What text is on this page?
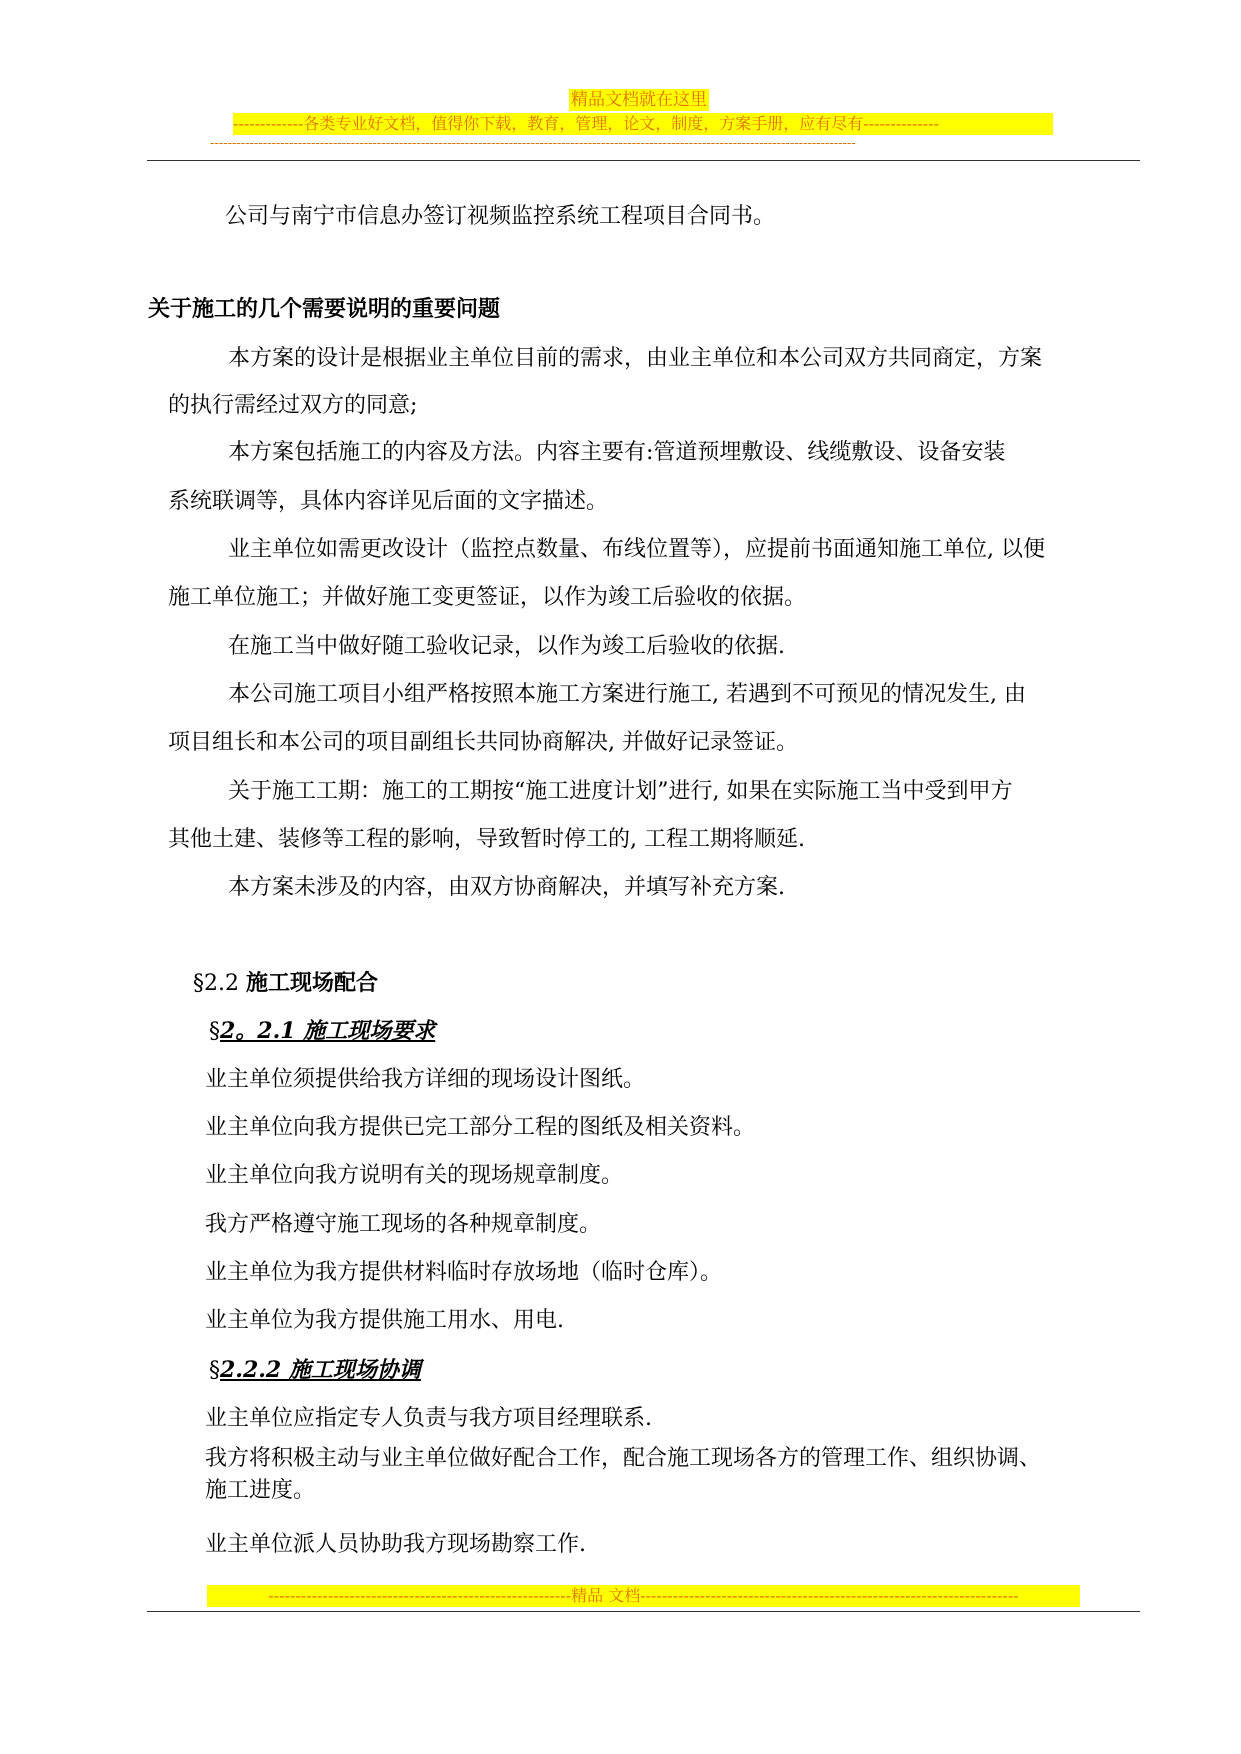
精品文档就在这里
-------------各类专业好文档，值得你下载，教育，管理，论文，制度，方案手册，应有尽有--------------
---------------------------------------------------------------------------------------------------------------------------------------------------
公司与南宁市信息办签订视频监控系统工程项目合同书。
关于施工的几个需要说明的重要问题
本方案的设计是根据业主单位目前的需求，由业主单位和本公司双方共同商定，方案
的执行需经过双方的同意;
本方案包括施工的内容及方法。内容主要有:管道预埋敷设、线缆敷设、设备安装
系统联调等，具体内容详见后面的文字描述。
业主单位如需更改设计（监控点数量、布线位置等），应提前书面通知施工单位, 以便
施工单位施工；并做好施工变更签证，以作为竣工后验收的依据。
在施工当中做好随工验收记录，以作为竣工后验收的依据.
本公司施工项目小组严格按照本施工方案进行施工, 若遇到不可预见的情况发生, 由
项目组长和本公司的项目副组长共同协商解决, 并做好记录签证。
关于施工工期：施工的工期按“施工进度计划”进行, 如果在实际施工当中受到甲方
其他土建、装修等工程的影响，导致暂时停工的, 工程工期将顺延.
本方案未涉及的内容，由双方协商解决，并填写补充方案.
§2.2 施工现场配合
§2。2.1 施工现场要求
业主单位须提供给我方详细的现场设计图纸。
业主单位向我方提供已完工部分工程的图纸及相关资料。
业主单位向我方说明有关的现场规章制度。
我方严格遵守施工现场的各种规章制度。
业主单位为我方提供材料临时存放场地（临时仓库）。
业主单位为我方提供施工用水、用电.
§2.2.2 施工现场协调
业主单位应指定专人负责与我方项目经理联系.
我方将积极主动与业主单位做好配合工作，配合施工现场各方的管理工作、组织协调、
施工进度。
业主单位派人员协助我方现场勘察工作.
--------------------------------------------------------精品 文档----------------------------------------------------------------------
